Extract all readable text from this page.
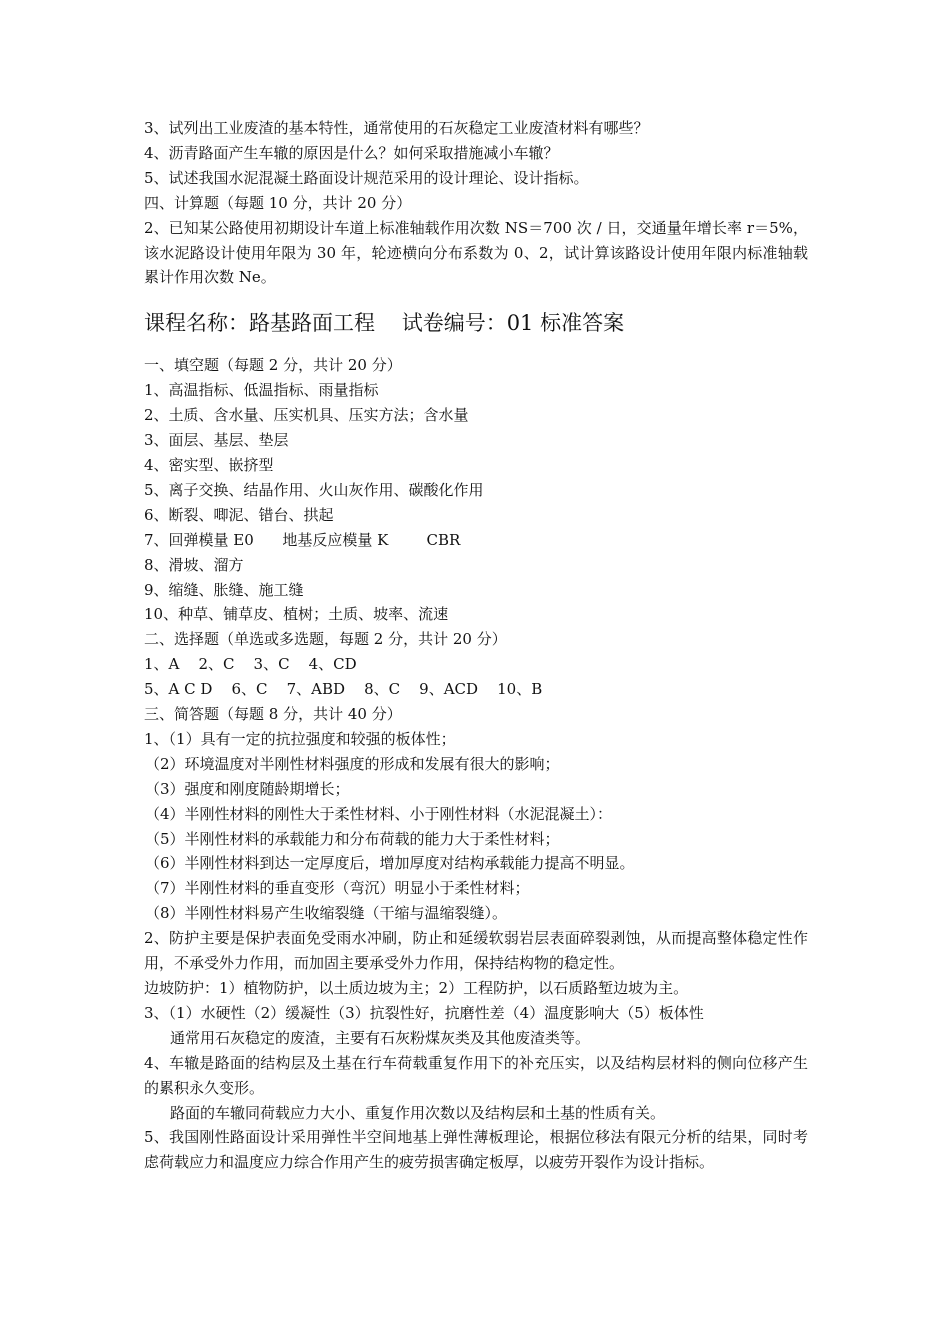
3、试列出工业废渣的基本特性，通常使用的石灰稳定工业废渣材料有哪些？
4、沥青路面产生车辙的原因是什么？如何采取措施减小车辙？
5、试述我国水泥混凝土路面设计规范采用的设计理论、设计指标。
四、计算题（每题 10 分，共计 20 分）
2、已知某公路使用初期设计车道上标准轴载作用次数 NS＝700 次 / 日，交通量年增长率 r＝5%，该水泥路设计使用年限为 30 年，轮迹横向分布系数为 0、2，试计算该路设计使用年限内标准轴载累计作用次数 Ne。
课程名称：路基路面工程    试卷编号：01 标准答案
一、填空题（每题 2 分，共计 20 分）
1、高温指标、低温指标、雨量指标
2、土质、含水量、压实机具、压实方法；含水量
3、面层、基层、垫层
4、密实型、嵌挤型
5、离子交换、结晶作用、火山灰作用、碳酸化作用
6、断裂、唧泥、错台、拱起
7、回弹模量 E0      地基反应模量 K        CBR
8、滑坡、溜方
9、缩缝、胀缝、施工缝
10、种草、铺草皮、植树；土质、坡率、流速
二、选择题（单选或多选题，每题 2 分，共计 20 分）
1、A    2、C    3、C    4、CD
5、A C D    6、C    7、ABD    8、C    9、ACD    10、B
三、简答题（每题 8 分，共计 40 分）
1、（1）具有一定的抗拉强度和较强的板体性；
（2）环境温度对半刚性材料强度的形成和发展有很大的影响；
（3）强度和刚度随龄期增长；
（4）半刚性材料的刚性大于柔性材料、小于刚性材料（水泥混凝土）：
（5）半刚性材料的承载能力和分布荷载的能力大于柔性材料；
（6）半刚性材料到达一定厚度后，增加厚度对结构承载能力提高不明显。
（7）半刚性材料的垂直变形（弯沉）明显小于柔性材料；
（8）半刚性材料易产生收缩裂缝（干缩与温缩裂缝）。
2、防护主要是保护表面免受雨水冲刷，防止和延缓软弱岩层表面碎裂剥蚀，从而提高整体稳定性作用，不承受外力作用，而加固主要承受外力作用，保持结构物的稳定性。
边坡防护：1）植物防护，以土质边坡为主；2）工程防护，以石质路堑边坡为主。
3、（1）水硬性（2）缓凝性（3）抗裂性好，抗磨性差（4）温度影响大（5）板体性
通常用石灰稳定的废渣，主要有石灰粉煤灰类及其他废渣类等。
4、车辙是路面的结构层及土基在行车荷载重复作用下的补充压实，以及结构层材料的侧向位移产生的累积永久变形。
路面的车辙同荷载应力大小、重复作用次数以及结构层和土基的性质有关。
5、我国刚性路面设计采用弹性半空间地基上弹性薄板理论，根据位移法有限元分析的结果，同时考虑荷载应力和温度应力综合作用产生的疲劳损害确定板厚，以疲劳开裂作为设计指标。
